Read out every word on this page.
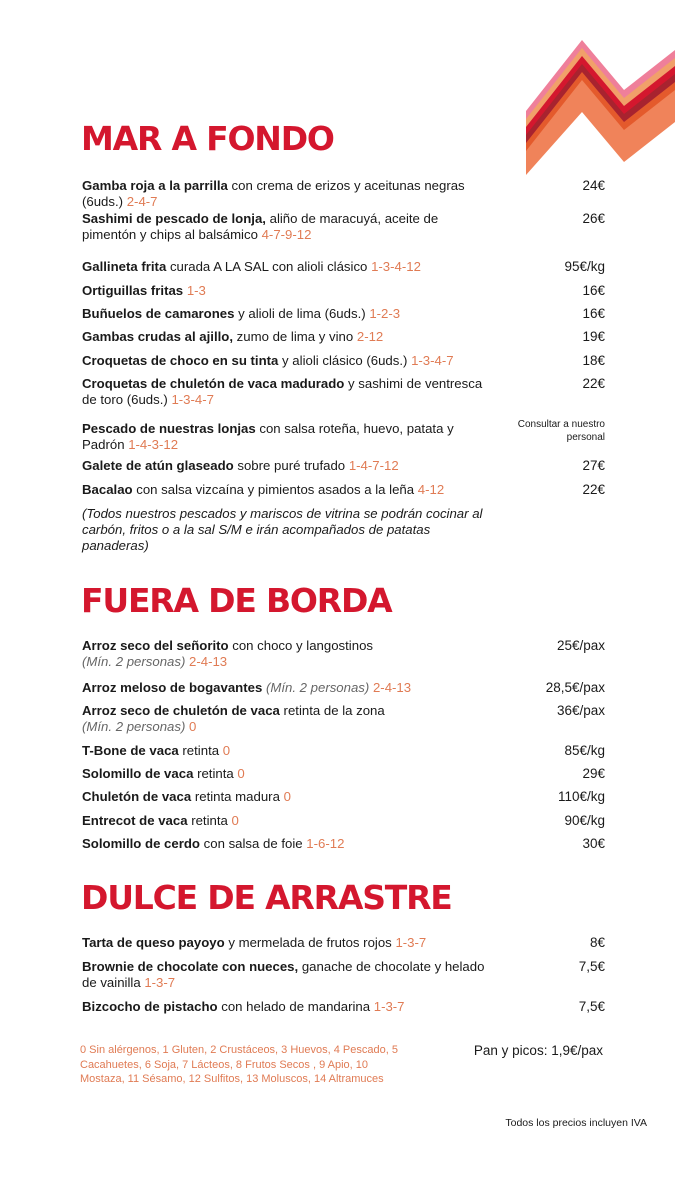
MAR A FONDO
Gamba roja a la parrilla con crema de erizos y aceitunas negras (6uds.) 2-4-7
24€
Sashimi de pescado de lonja, aliño de maracuyá, aceite de pimentón y chips al balsámico 4-7-9-12
26€
Gallineta frita curada A LA SAL con alioli clásico 1-3-4-12	95€/kg
Ortiguillas fritas 1-3	16€
Buñuelos de camarones y alioli de lima (6uds.) 1-2-3	16€
Gambas crudas al ajillo, zumo de lima y vino 2-12	19€
Croquetas de choco en su tinta y alioli clásico (6uds.) 1-3-4-7	18€
Croquetas de chuletón de vaca madurado y sashimi de ventresca de toro (6uds.) 1-3-4-7
22€
Pescado de nuestras lonjas con salsa roteña, huevo, patata y Padrón 1-4-3-12
Consultar a nuestro personal
Galete de atún glaseado sobre puré trufado 1-4-7-12	27€
Bacalao con salsa vizcaína y pimientos asados a la leña 4-12	22€
(Todos nuestros pescados y mariscos de vitrina se podrán cocinar al carbón, fritos o a la sal S/M e irán acompañados de patatas panaderas)
FUERA DE BORDA
Arroz seco del señorito con choco y langostinos
(Mín. 2 personas) 2-4-13
25€/pax
Arroz meloso de bogavantes (Mín. 2 personas) 2-4-13	28,5€/pax
Arroz seco de chuletón de vaca retinta de la zona
(Mín. 2 personas) 0
36€/pax
T-Bone de vaca retinta 0	85€/kg
Solomillo de vaca retinta 0	29€
Chuletón de vaca retinta madura 0	110€/kg
Entrecot de vaca retinta 0	90€/kg
Solomillo de cerdo con salsa de foie 1-6-12	30€
DULCE DE ARRASTRE
Tarta de queso payoyo y mermelada de frutos rojos 1-3-7	8€
Brownie de chocolate con nueces, ganache de chocolate y helado de vainilla 1-3-7
7,5€
Bizcocho de pistacho con helado de mandarina 1-3-7	7,5€
0 Sin alérgenos, 1 Gluten, 2 Crustáceos, 3 Huevos, 4 Pescado, 5 Cacahuetes, 6 Soja, 7 Lácteos, 8 Frutos Secos , 9 Apio, 10 Mostaza, 11 Sésamo, 12 Sulfitos, 13 Moluscos, 14 Altramuces
Pan y picos: 1,9€/pax
Todos los precios incluyen IVA
